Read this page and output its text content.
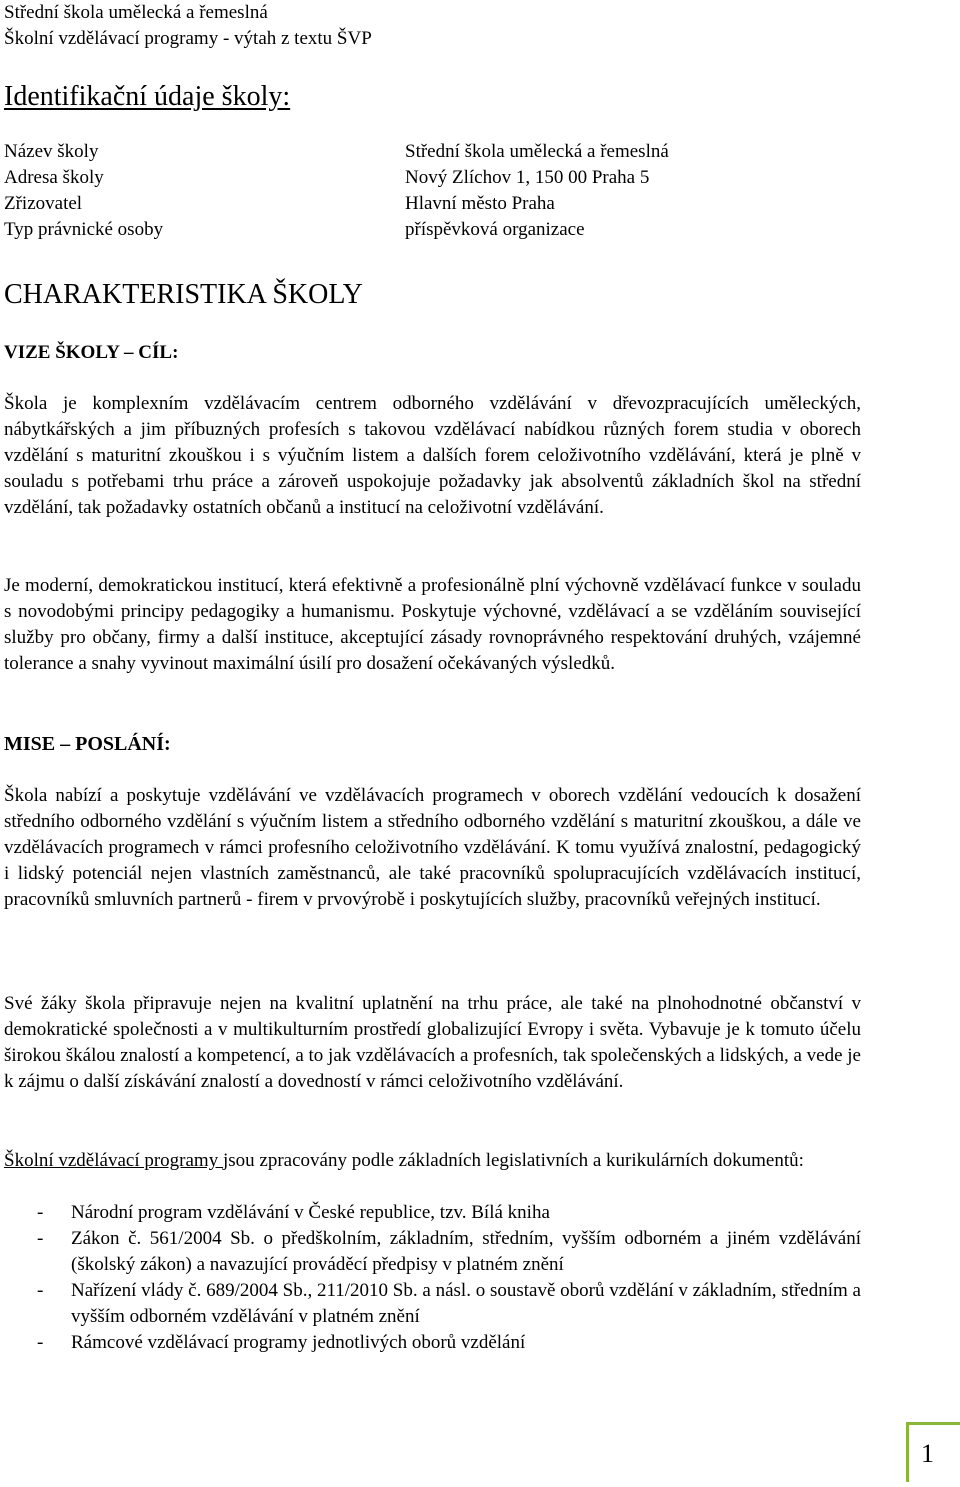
Střední škola umělecká a řemeslná
Školní vzdělávací programy - výtah z textu ŠVP
Identifikační údaje školy:
Název školy	Střední škola umělecká a řemeslná
Adresa školy	Nový Zlíchov 1, 150 00 Praha 5
Zřizovatel	Hlavní město Praha
Typ právnické osoby	příspěvková organizace
CHARAKTERISTIKA ŠKOLY
VIZE ŠKOLY – CÍL:

Škola je komplexním vzdělávacím centrem odborného vzdělávání v dřevozpracujících uměleckých, nábytkářských a jim příbuzných profesích s takovou vzdělávací nabídkou různých forem studia v oborech vzdělání s maturitní zkouškou i s výučním listem a dalších forem celoživotního vzdělávání, která je plně v souladu s potřebami trhu práce a zároveň uspokojuje požadavky jak absolventů základních škol na střední vzdělání, tak požadavky ostatních občanů a institucí na celoživotní vzdělávání.

Je moderní, demokratickou institucí, která efektivně a profesionálně plní výchovně vzdělávací funkce v souladu s novodobými principy pedagogiky a humanismu. Poskytuje výchovné, vzdělávací a se vzděláním související služby pro občany, firmy a další instituce, akceptující zásady rovnoprávného respektování druhých, vzájemné tolerance a snahy vyvinout maximální úsilí pro dosažení očekávaných výsledků.

MISE – POSLÁNÍ:

Škola nabízí a poskytuje vzdělávání ve vzdělávacích programech v oborech vzdělání vedoucích k dosažení středního odborného vzdělání s výučním listem a středního odborného vzdělání s maturitní zkouškou, a dále ve vzdělávacích programech v rámci profesního celoživotního vzdělávání. K tomu využívá znalostní, pedagogický i lidský potenciál nejen vlastních zaměstnanců, ale také pracovníků spolupracujících vzdělávacích institucí, pracovníků smluvních partnerů - firem v prvovýrobě i poskytujících služby, pracovníků veřejných institucí.

Své žáky škola připravuje nejen na kvalitní uplatnění na trhu práce, ale také na plnohodnotné občanství v demokratické společnosti a v multikulturním prostředí globalizující Evropy i světa. Vybavuje je k tomuto účelu širokou škálou znalostí a kompetencí, a to jak vzdělávacích a profesních, tak společenských a lidských, a vede je k zájmu o další získávání znalostí a dovedností v rámci celoživotního vzdělávání.

Školní vzdělávací programy jsou zpracovány podle základních legislativních a kurikulárních dokumentů:

- Národní program vzdělávání v České republice, tzv. Bílá kniha
- Zákon č. 561/2004 Sb. o předškolním, základním, středním, vyšším odborném a jiném vzdělávání (školský zákon) a navazující prováděcí předpisy v platném znění
- Nařízení vlády č. 689/2004 Sb., 211/2010 Sb. a násl. o soustavě oborů vzdělání v základním, středním a vyšším odborném vzdělávání v platném znění
- Rámcové vzdělávací programy jednotlivých oborů vzdělání
1
